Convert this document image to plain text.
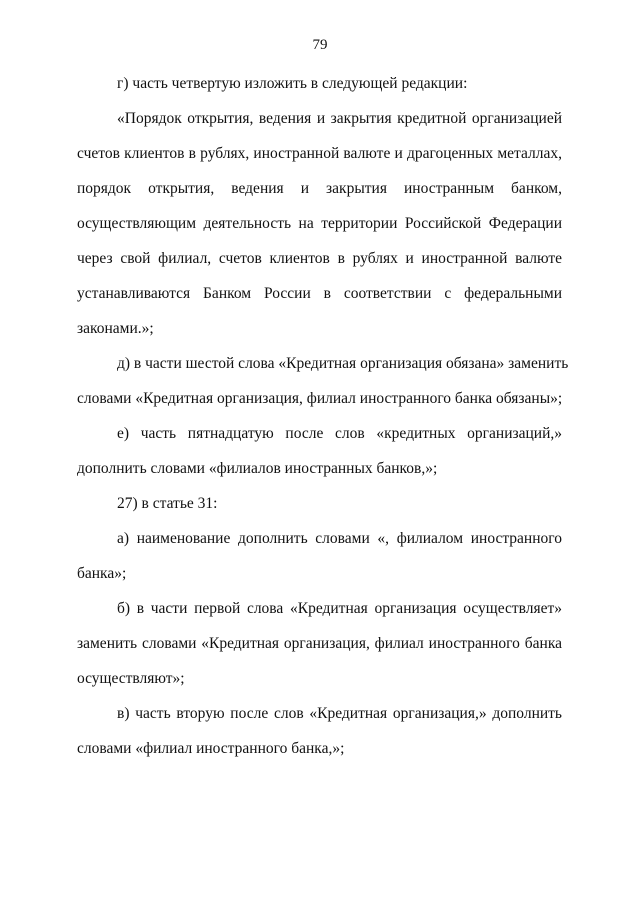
79
г) часть четвертую изложить в следующей редакции:
«Порядок открытия, ведения и закрытия кредитной организацией
счетов клиентов в рублях, иностранной валюте и драгоценных металлах,
порядок открытия, ведения и закрытия иностранным банком,
осуществляющим деятельность на территории Российской Федерации
через свой филиал, счетов клиентов в рублях и иностранной валюте
устанавливаются Банком России в соответствии с федеральными
законами.»;
д) в части шестой слова «Кредитная организация обязана» заменить
словами «Кредитная организация, филиал иностранного банка обязаны»;
е) часть пятнадцатую после слов «кредитных организаций,»
дополнить словами «филиалов иностранных банков,»;
27) в статье 31:
а) наименование дополнить словами «, филиалом иностранного
банка»;
б) в части первой слова «Кредитная организация осуществляет»
заменить словами «Кредитная организация, филиал иностранного банка
осуществляют»;
в) часть вторую после слов «Кредитная организация,» дополнить
словами «филиал иностранного банка,»;
